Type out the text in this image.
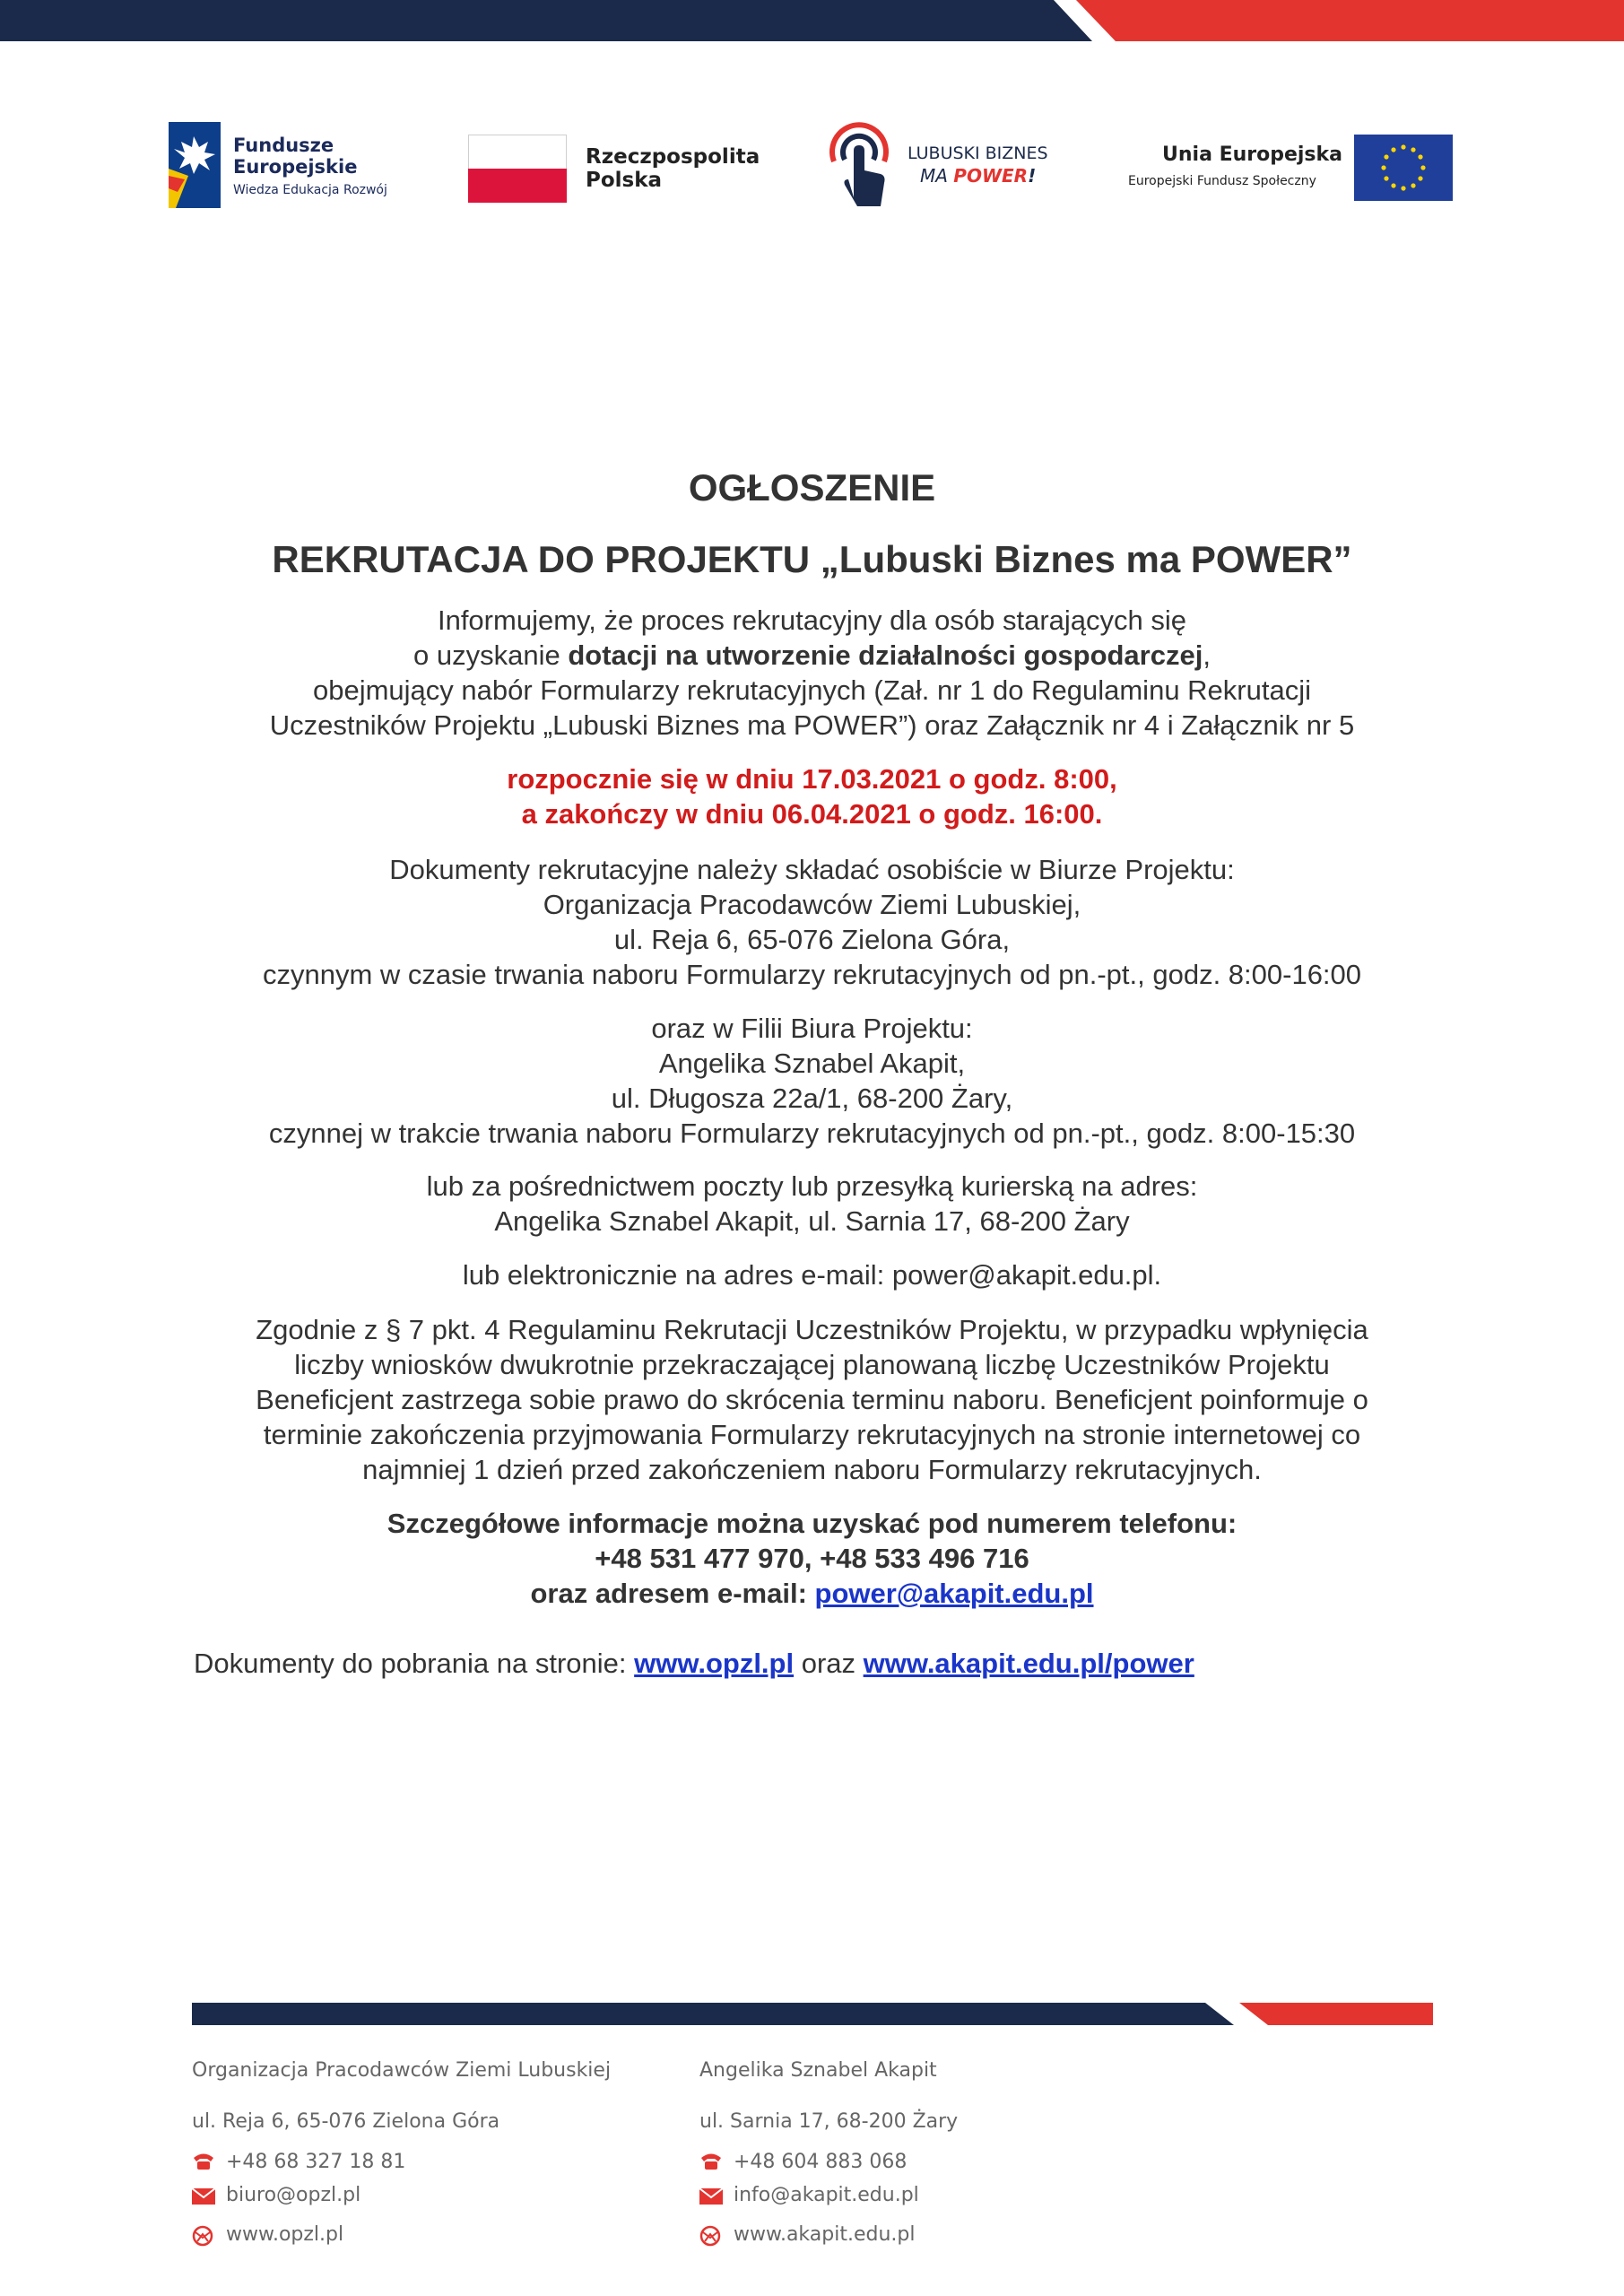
Fundusze
Europejskie
Wiedza Edukacja Rozwój
Rzeczpospolita
Polska
LUBUSKI BIZNES
MA POWER!
Unia Europejska
Europejski Fundusz Społeczny
OGŁOSZENIE
REKRUTACJA DO PROJEKTU „Lubuski Biznes ma POWER”
Informujemy, że proces rekrutacyjny dla osób starających się
o uzyskanie dotacji na utworzenie działalności gospodarczej,
obejmujący nabór Formularzy rekrutacyjnych (Zał. nr 1 do Regulaminu Rekrutacji
Uczestników Projektu „Lubuski Biznes ma POWER”) oraz Załącznik nr 4 i Załącznik nr 5
rozpocznie się w dniu 17.03.2021 o godz. 8:00,
a zakończy w dniu 06.04.2021 o godz. 16:00.
Dokumenty rekrutacyjne należy składać osobiście w Biurze Projektu:
Organizacja Pracodawców Ziemi Lubuskiej,
ul. Reja 6, 65-076 Zielona Góra,
czynnym w czasie trwania naboru Formularzy rekrutacyjnych od pn.-pt., godz. 8:00-16:00
oraz w Filii Biura Projektu:
Angelika Sznabel Akapit,
ul. Długosza 22a/1, 68-200 Żary,
czynnej w trakcie trwania naboru Formularzy rekrutacyjnych od pn.-pt., godz. 8:00-15:30
lub za pośrednictwem poczty lub przesyłką kurierską na adres:
Angelika Sznabel Akapit, ul. Sarnia 17, 68-200 Żary
lub elektronicznie na adres e-mail: power@akapit.edu.pl.
Zgodnie z § 7 pkt. 4 Regulaminu Rekrutacji Uczestników Projektu, w przypadku wpłynięcia
liczby wniosków dwukrotnie przekraczającej planowaną liczbę Uczestników Projektu
Beneficjent zastrzega sobie prawo do skrócenia terminu naboru. Beneficjent poinformuje o
terminie zakończenia przyjmowania Formularzy rekrutacyjnych na stronie internetowej co
najmniej 1 dzień przed zakończeniem naboru Formularzy rekrutacyjnych.
Szczegółowe informacje można uzyskać pod numerem telefonu:
+48 531 477 970, +48 533 496 716
oraz adresem e-mail: power@akapit.edu.pl
Dokumenty do pobrania na stronie: www.opzl.pl oraz www.akapit.edu.pl/power
Organizacja Pracodawców Ziemi Lubuskiej
ul. Reja 6, 65-076 Zielona Góra
+48 68 327 18 81
biuro@opzl.pl
www.opzl.pl
Angelika Sznabel Akapit
ul. Sarnia 17, 68-200 Żary
+48 604 883 068
info@akapit.edu.pl
www.akapit.edu.pl
